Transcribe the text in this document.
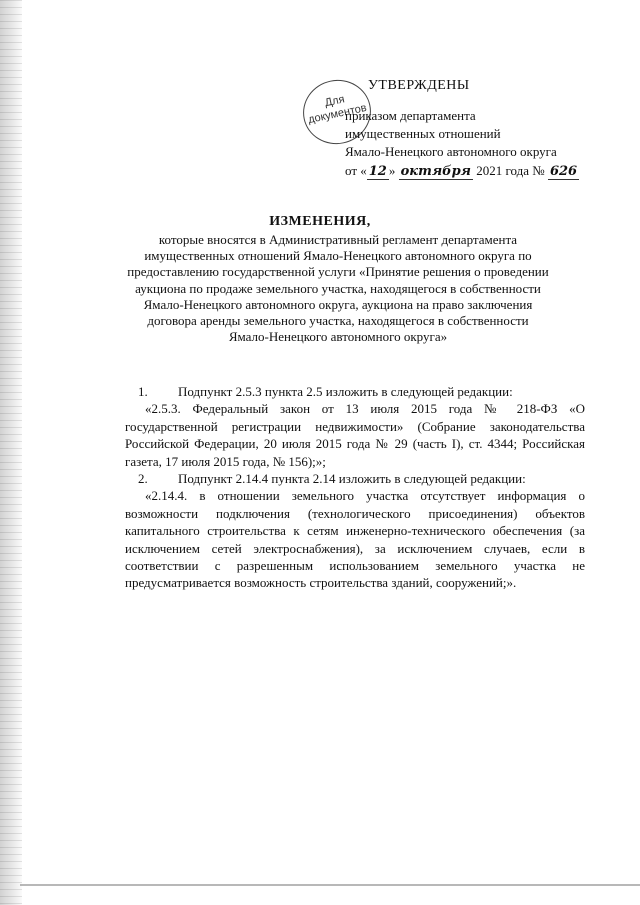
Для документов
УТВЕРЖДЕНЫ
приказом департамента
имущественных отношений
Ямало-Ненецкого автономного округа
от « 12 » октября 2021 года № 626
ИЗМЕНЕНИЯ,
которые вносятся в Административный регламент департамента
имущественных отношений Ямало-Ненецкого автономного округа по
предоставлению государственной услуги «Принятие решения о проведении
аукциона по продаже земельного участка, находящегося в собственности
Ямало-Ненецкого автономного округа, аукциона на право заключения
договора аренды земельного участка, находящегося в собственности
Ямало-Ненецкого автономного округа»
1. Подпункт 2.5.3 пункта 2.5 изложить в следующей редакции:
«2.5.3. Федеральный закон от 13 июля 2015 года № 218-ФЗ «О государственной регистрации недвижимости» (Собрание законодательства Российской Федерации, 20 июля 2015 года № 29 (часть I), ст. 4344; Российская газета, 17 июля 2015 года, № 156);»;
2. Подпункт 2.14.4 пункта 2.14 изложить в следующей редакции:
«2.14.4. в отношении земельного участка отсутствует информация о возможности подключения (технологического присоединения) объектов капитального строительства к сетям инженерно-технического обеспечения (за исключением сетей электроснабжения), за исключением случаев, если в соответствии с разрешенным использованием земельного участка не предусматривается возможность строительства зданий, сооружений;».
